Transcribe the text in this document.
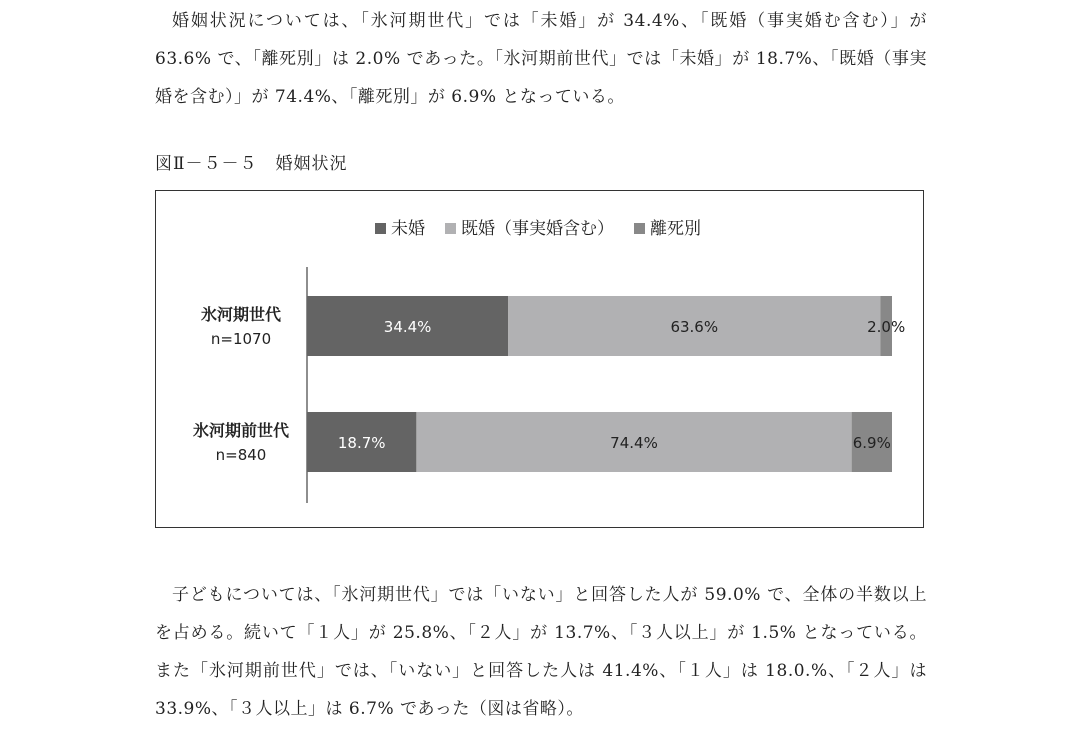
婚姻状況については、「氷河期世代」では「未婚」が 34.4%、「既婚（事実婚む含む）」が 63.6% で、「離死別」は 2.0% であった。「氷河期前世代」では「未婚」が 18.7%、「既婚（事実婚を含む）」が 74.4%、「離死別」が 6.9% となっている。

図Ⅱ－５－５　婚姻状況
未婚 既婚（事実婚含む） 離死別
氷河期世代
n=1070
34.4%	63.6%	2.0%
氷河期前世代
n=840
18.7%	74.4%	6.9%

子どもについては、「氷河期世代」では「いない」と回答した人が 59.0% で、全体の半数以上を占める。続いて「１人」が 25.8%、「２人」が 13.7%、「３人以上」が 1.5% となっている。また「氷河期前世代」では、「いない」と回答した人は 41.4%、「１人」は 18.0.%、「２人」は 33.9%、「３人以上」は 6.7% であった（図は省略）。
